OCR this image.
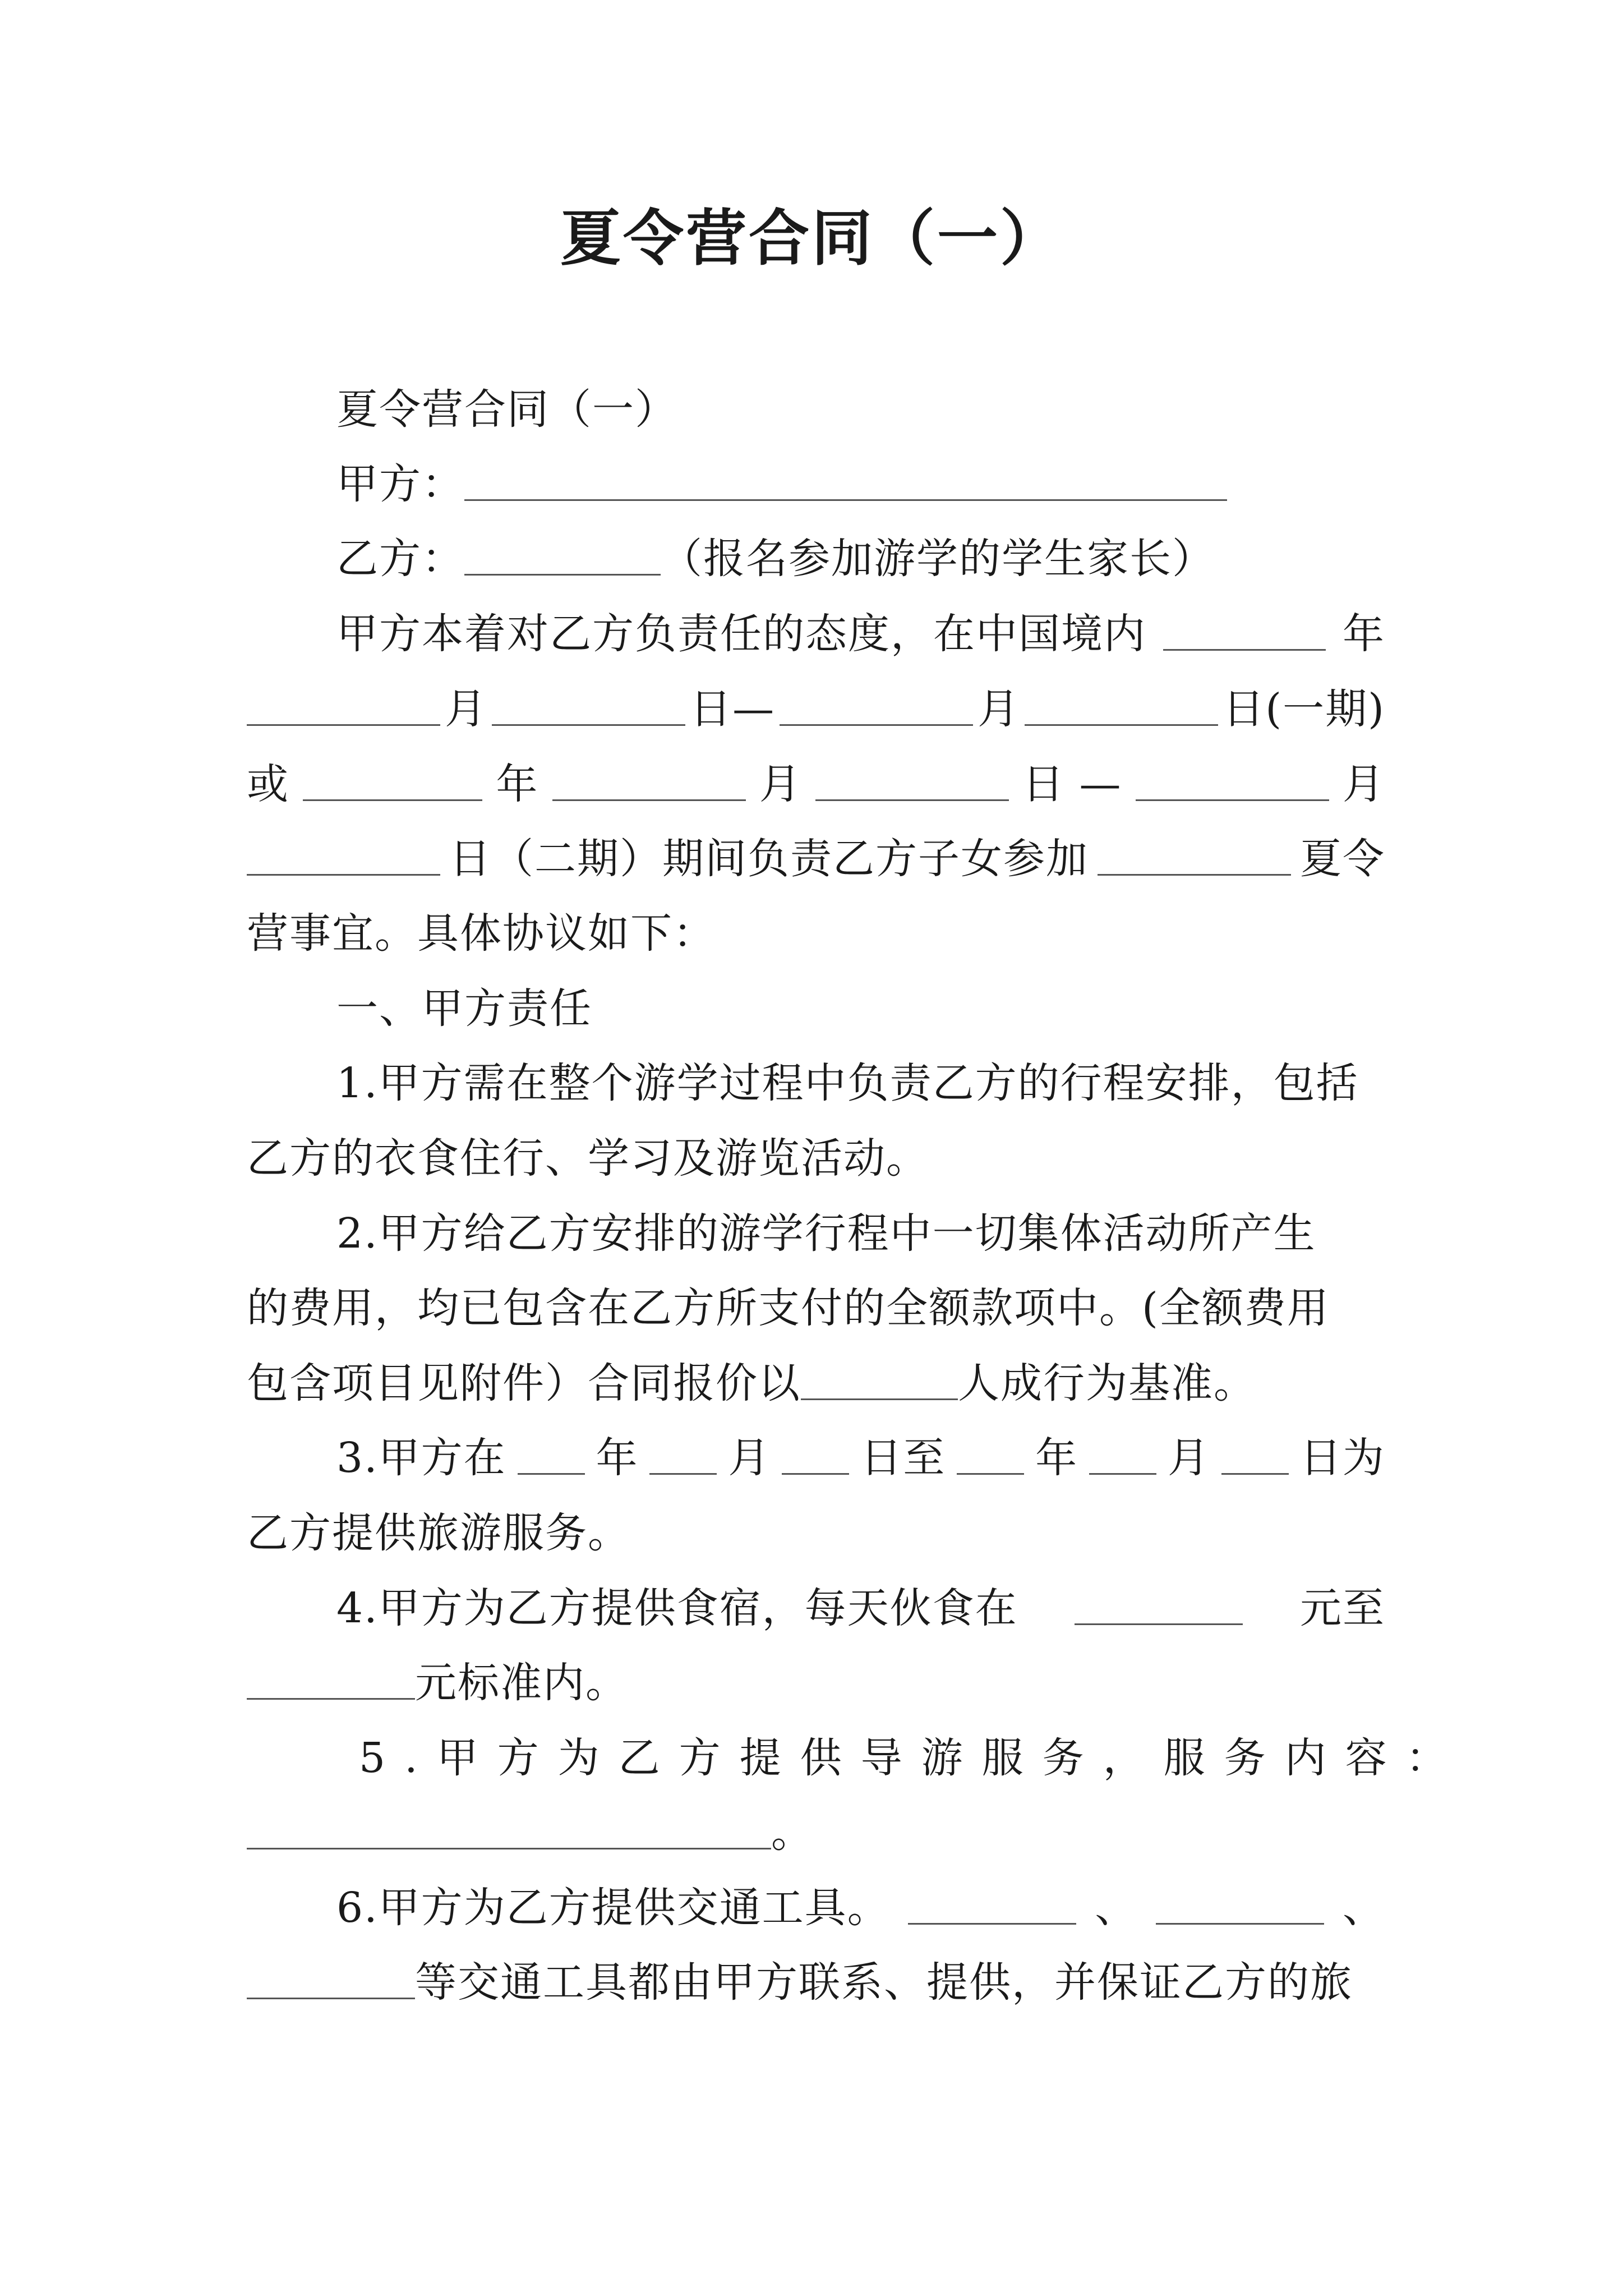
夏令营合同（一）

夏令营合同（一）

甲方：

乙方：	（报名参加游学的学生家长）

甲方本着对乙方负责任的态度，在中国境内	年

月	日—	月	日(一期)

或	年	月	日 —	月

日（二期）期间负责乙方子女参加	夏令

营事宜。具体协议如下：

一、甲方责任

1.甲方需在整个游学过程中负责乙方的行程安排，包括

乙方的衣食住行、学习及游览活动。

2.甲方给乙方安排的游学行程中一切集体活动所产生

的费用，均已包含在乙方所支付的全额款项中。(全额费用

包含项目见附件）合同报价以	人成行为基准。

3.甲方在 年 月 日至 年 月 日为

乙方提供旅游服务。

4.甲方为乙方提供食宿，每天伙食在	元至

元标准内。

5.甲方为乙方提供导游服务，服务内容：

。

6.甲方为乙方提供交通工具。	、	、

等交通工具都由甲方联系、提供，并保证乙方的旅
